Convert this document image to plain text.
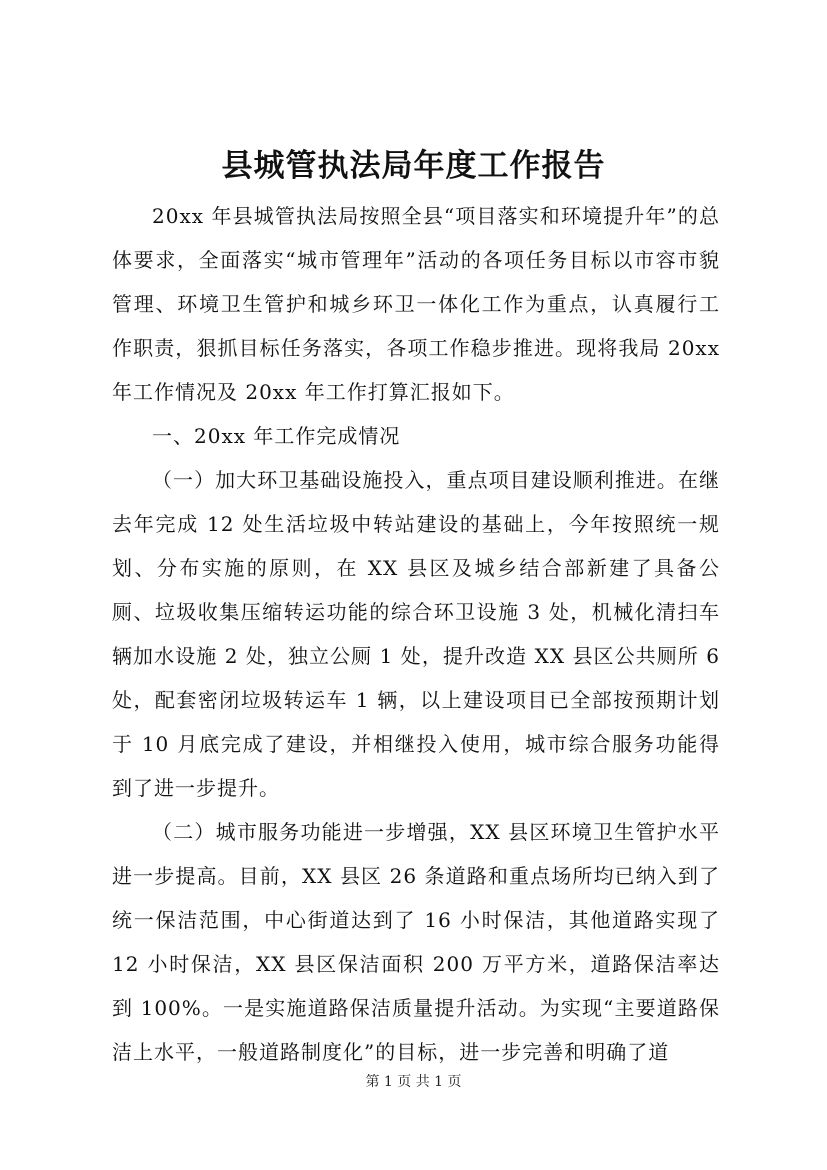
县城管执法局年度工作报告

20xx 年县城管执法局按照全县“项目落实和环境提升年”的总体要求，全面落实“城市管理年”活动的各项任务目标以市容市貌管理、环境卫生管护和城乡环卫一体化工作为重点，认真履行工作职责，狠抓目标任务落实，各项工作稳步推进。现将我局 20xx 年工作情况及 20xx 年工作打算汇报如下。

一、20xx 年工作完成情况

（一）加大环卫基础设施投入，重点项目建设顺利推进。在继去年完成 12 处生活垃圾中转站建设的基础上，今年按照统一规划、分布实施的原则，在 XX 县区及城乡结合部新建了具备公厕、垃圾收集压缩转运功能的综合环卫设施 3 处，机械化清扫车辆加水设施 2 处，独立公厕 1 处，提升改造 XX 县区公共厕所 6 处，配套密闭垃圾转运车 1 辆，以上建设项目已全部按预期计划于 10 月底完成了建设，并相继投入使用，城市综合服务功能得到了进一步提升。

（二）城市服务功能进一步增强，XX 县区环境卫生管护水平进一步提高。目前，XX 县区 26 条道路和重点场所均已纳入到了统一保洁范围，中心街道达到了 16 小时保洁，其他道路实现了 12 小时保洁，XX 县区保洁面积 200 万平方米，道路保洁率达到 100%。一是实施道路保洁质量提升活动。为实现“主要道路保洁上水平，一般道路制度化”的目标，进一步完善和明确了道

第 1 页 共 1 页
